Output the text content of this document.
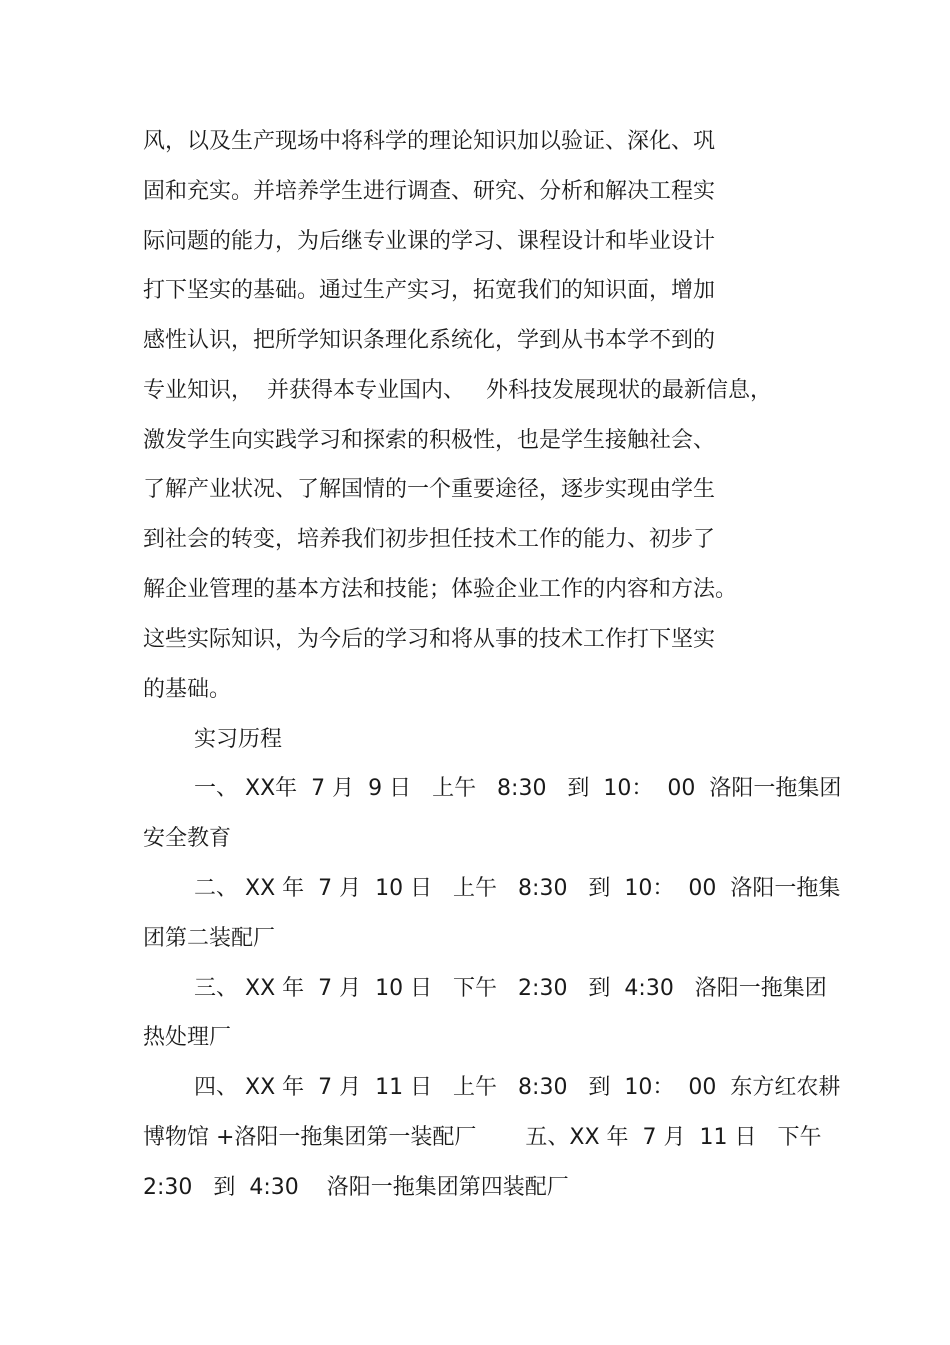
风，以及生产现场中将科学的理论知识加以验证、深化、巩
固和充实。并培养学生进行调查、研究、分析和解决工程实
际问题的能力，为后继专业课的学习、课程设计和毕业设计
打下坚实的基础。通过生产实习，拓宽我们的知识面，增加
感性认识，把所学知识条理化系统化，学到从书本学不到的
专业知识，  并获得本专业国内、   外科技发展现状的最新信息，
激发学生向实践学习和探索的积极性，也是学生接触社会、
了解产业状况、了解国情的一个重要途径，逐步实现由学生
到社会的转变，培养我们初步担任技术工作的能力、初步了
解企业管理的基本方法和技能；体验企业工作的内容和方法。
这些实际知识，为今后的学习和将从事的技术工作打下坚实
的基础。
实习历程
一、 XX年  7 月  9 日   上午   8:30   到  10：  00  洛阳一拖集团
安全教育
二、 XX 年  7 月  10 日   上午   8:30   到  10：  00  洛阳一拖集
团第二装配厂
三、 XX 年  7 月  10 日   下午   2:30   到  4:30   洛阳一拖集团
热处理厂
四、 XX 年  7 月  11 日   上午   8:30   到  10：  00  东方红农耕
博物馆 +洛阳一拖集团第一装配厂       五、XX 年  7 月  11 日   下午
2:30   到  4:30    洛阳一拖集团第四装配厂
